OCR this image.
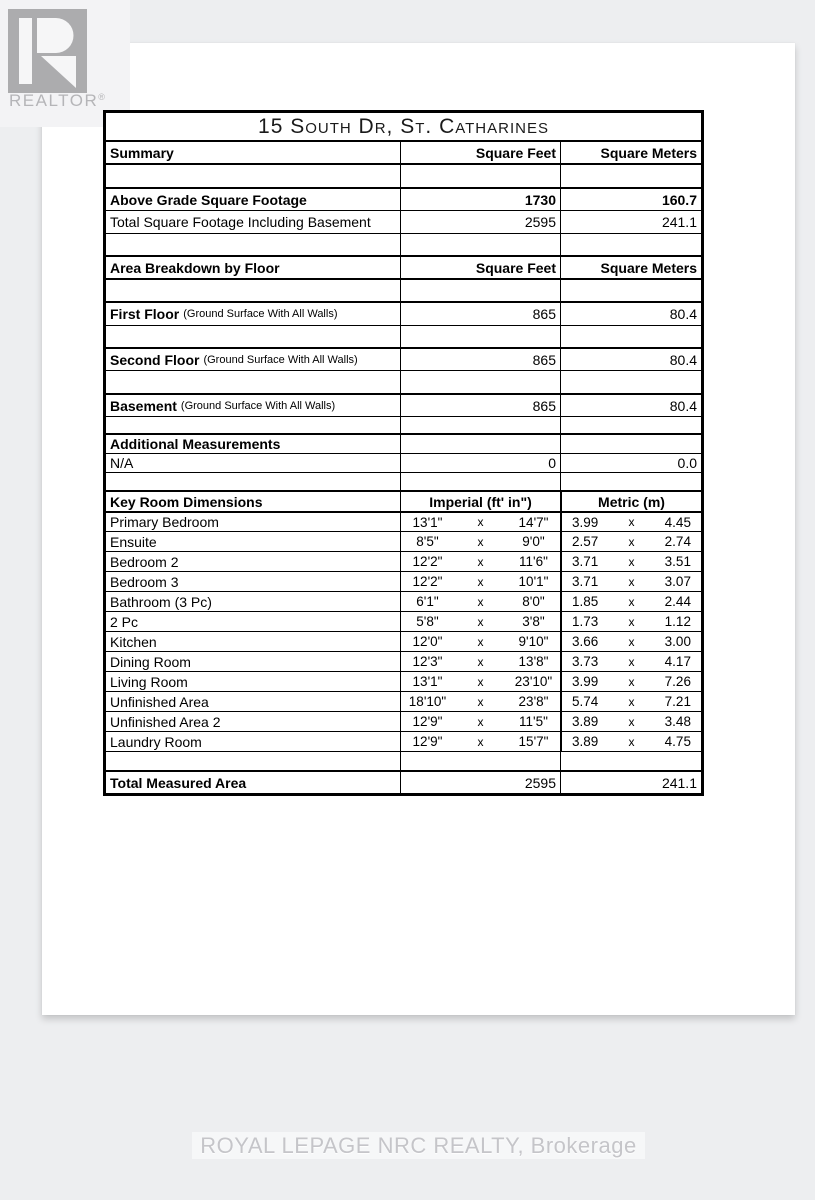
REALTOR®
15 South Dr, St. Catharines
Summary	Square Feet	Square Meters
Above Grade Square Footage	1730	160.7
Total Square Footage Including Basement	2595	241.1
Area Breakdown by Floor	Square Feet	Square Meters
First Floor (Ground Surface With All Walls)	865	80.4
Second Floor (Ground Surface With All Walls)	865	80.4
Basement (Ground Surface With All Walls)	865	80.4
Additional Measurements
N/A	0	0.0
Key Room Dimensions	Imperial (ft' in")	Metric (m)
Primary Bedroom	13'1"	x	14'7"	3.99	x	4.45
Ensuite	8'5"	x	9'0"	2.57	x	2.74
Bedroom 2	12'2"	x	11'6"	3.71	x	3.51
Bedroom 3	12'2"	x	10'1"	3.71	x	3.07
Bathroom (3 Pc)	6'1"	x	8'0"	1.85	x	2.44
2 Pc	5'8"	x	3'8"	1.73	x	1.12
Kitchen	12'0"	x	9'10"	3.66	x	3.00
Dining Room	12'3"	x	13'8"	3.73	x	4.17
Living Room	13'1"	x	23'10"	3.99	x	7.26
Unfinished Area	18'10"	x	23'8"	5.74	x	7.21
Unfinished Area 2	12'9"	x	11'5"	3.89	x	3.48
Laundry Room	12'9"	x	15'7"	3.89	x	4.75
Total Measured Area	2595	241.1
ROYAL LEPAGE NRC REALTY, Brokerage
